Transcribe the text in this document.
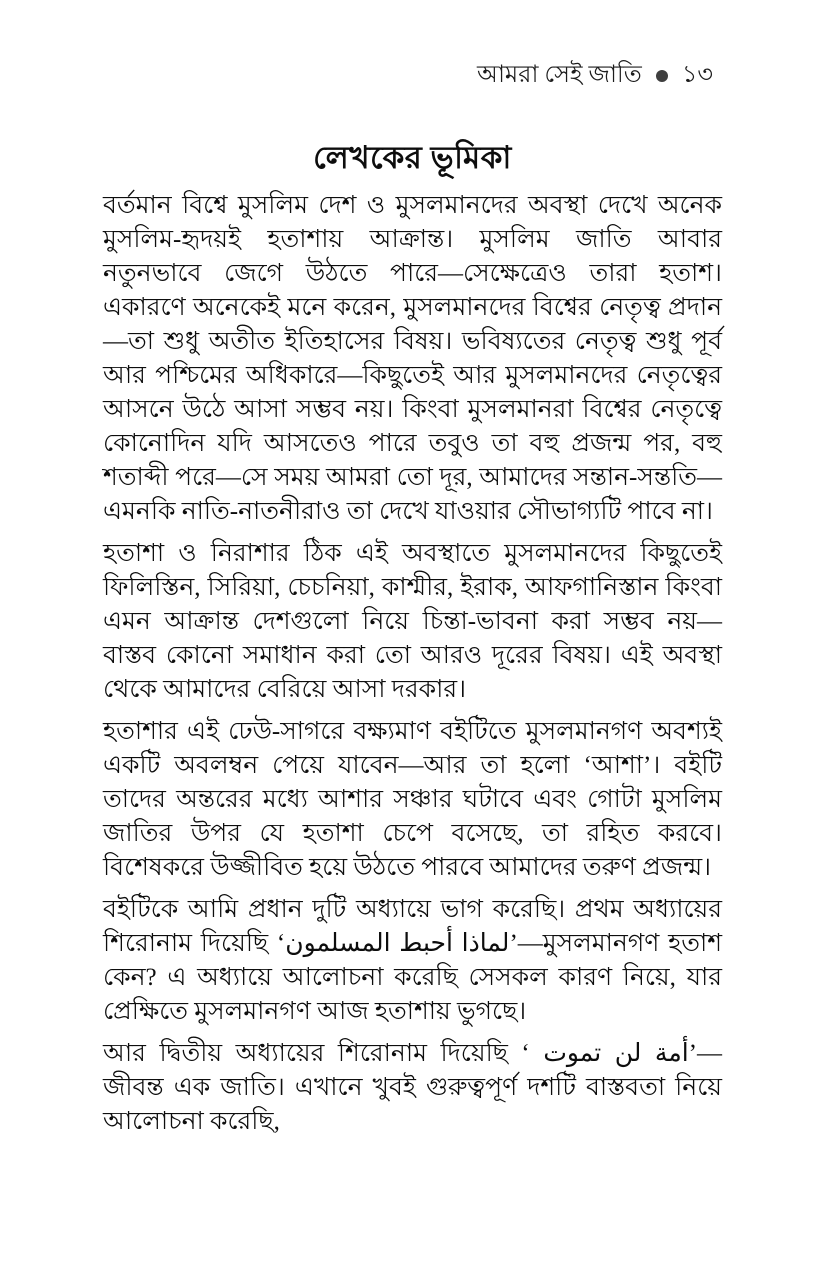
আমরা সেই জাতি ১৩
লেখকের ভূমিকা

বর্তমান বিশ্বে মুসলিম দেশ ও মুসলমানদের অবস্থা দেখে অনেক মুসলিম-হৃদয়ই হতাশায় আক্রান্ত। মুসলিম জাতি আবার নতুনভাবে জেগে উঠতে পারে—সেক্ষেত্রেও তারা হতাশ। একারণে অনেকেই মনে করেন, মুসলমানদের বিশ্বের নেতৃত্ব প্রদান—তা শুধু অতীত ইতিহাসের বিষয়। ভবিষ্যতের নেতৃত্ব শুধু পূর্ব আর পশ্চিমের অধিকারে—কিছুতেই আর মুসলমানদের নেতৃত্বের আসনে উঠে আসা সম্ভব নয়। কিংবা মুসলমানরা বিশ্বের নেতৃত্বে কোনোদিন যদি আসতেও পারে তবুও তা বহু প্রজন্ম পর, বহু শতাব্দী পরে—সে সময় আমরা তো দূর, আমাদের সন্তান-সন্ততি—এমনকি নাতি-নাতনীরাও তা দেখে যাওয়ার সৌভাগ্যটি পাবে না।

হতাশা ও নিরাশার ঠিক এই অবস্থাতে মুসলমানদের কিছুতেই ফিলিস্তিন, সিরিয়া, চেচনিয়া, কাশ্মীর, ইরাক, আফগানিস্তান কিংবা এমন আক্রান্ত দেশগুলো নিয়ে চিন্তা-ভাবনা করা সম্ভব নয়—বাস্তব কোনো সমাধান করা তো আরও দূরের বিষয়। এই অবস্থা থেকে আমাদের বেরিয়ে আসা দরকার।

হতাশার এই ঢেউ-সাগরে বক্ষ্যমাণ বইটিতে মুসলমানগণ অবশ্যই একটি অবলম্বন পেয়ে যাবেন—আর তা হলো ‘আশা’। বইটি তাদের অন্তরের মধ্যে আশার সঞ্চার ঘটাবে এবং গোটা মুসলিম জাতির উপর যে হতাশা চেপে বসেছে, তা রহিত করবে। বিশেষকরে উজ্জীবিত হয়ে উঠতে পারবে আমাদের তরুণ প্রজন্ম।

বইটিকে আমি প্রধান দুটি অধ্যায়ে ভাগ করেছি। প্রথম অধ্যায়ের শিরোনাম দিয়েছি ‘لماذا أحبط المسلمون’—মুসলমানগণ হতাশ কেন? এ অধ্যায়ে আলোচনা করেছি সেসকল কারণ নিয়ে, যার প্রেক্ষিতে মুসলমানগণ আজ হতাশায় ভুগছে।

আর দ্বিতীয় অধ্যায়ের শিরোনাম দিয়েছি ‘ أمة لن تموت’—জীবন্ত এক জাতি। এখানে খুবই গুরুত্বপূর্ণ দশটি বাস্তবতা নিয়ে আলোচনা করেছি,
